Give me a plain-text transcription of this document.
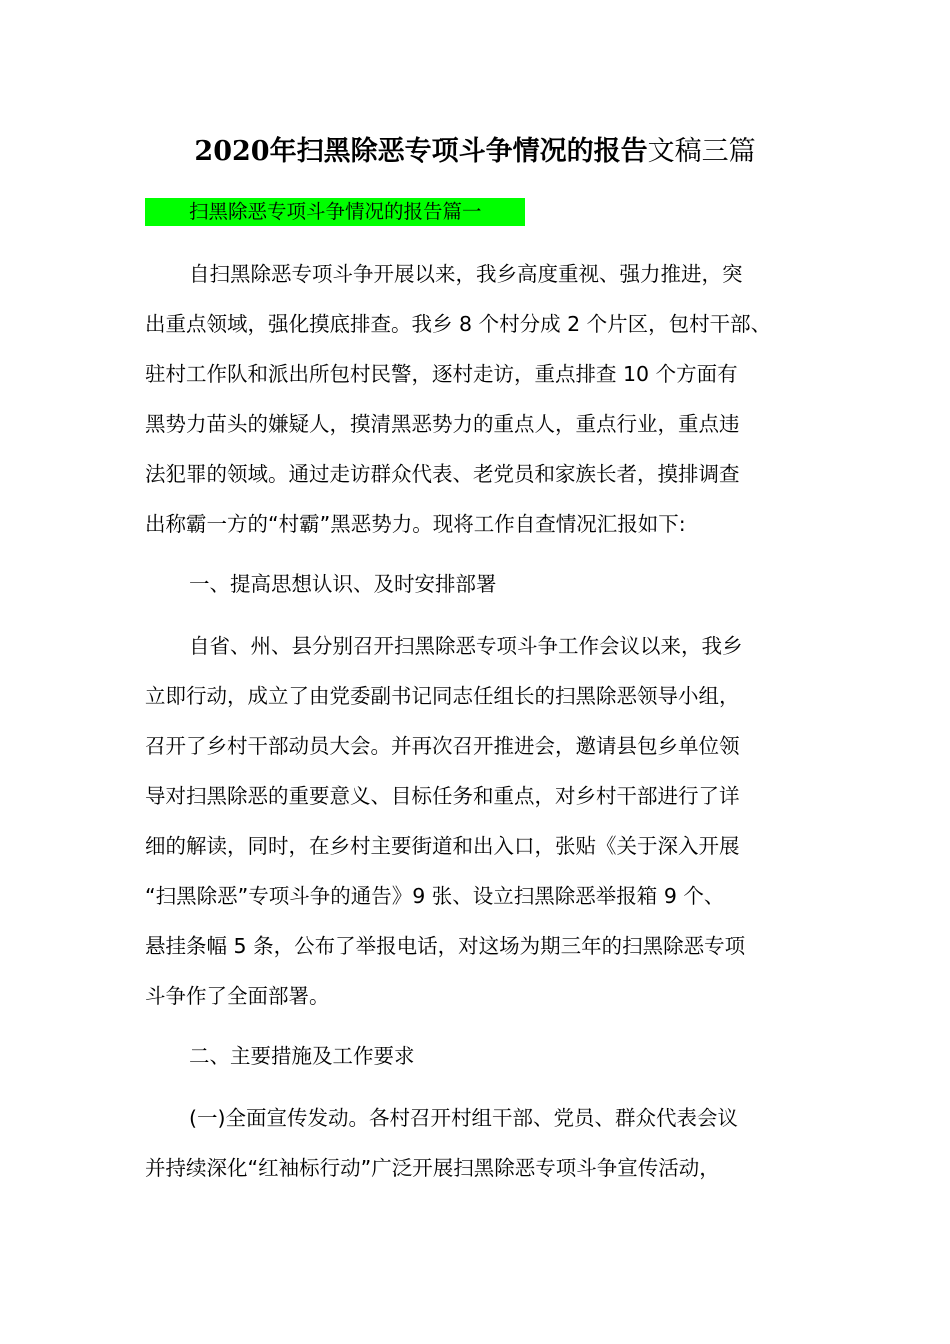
2020年扫黑除恶专项斗争情况的报告文稿三篇
扫黑除恶专项斗争情况的报告篇一
自扫黑除恶专项斗争开展以来，我乡高度重视、强力推进，突
出重点领域，强化摸底排查。我乡 8 个村分成 2 个片区，包村干部、
驻村工作队和派出所包村民警，逐村走访，重点排查 10 个方面有
黑势力苗头的嫌疑人，摸清黑恶势力的重点人，重点行业，重点违
法犯罪的领域。通过走访群众代表、老党员和家族长者，摸排调查
出称霸一方的“村霸”黑恶势力。现将工作自查情况汇报如下:
一、提高思想认识、及时安排部署
自省、州、县分别召开扫黑除恶专项斗争工作会议以来，我乡
立即行动，成立了由党委副书记同志任组长的扫黑除恶领导小组，
召开了乡村干部动员大会。并再次召开推进会，邀请县包乡单位领
导对扫黑除恶的重要意义、目标任务和重点，对乡村干部进行了详
细的解读，同时，在乡村主要街道和出入口，张贴《关于深入开展
“扫黑除恶”专项斗争的通告》9 张、设立扫黑除恶举报箱 9 个、
悬挂条幅 5 条，公布了举报电话，对这场为期三年的扫黑除恶专项
斗争作了全面部署。
二、主要措施及工作要求
(一)全面宣传发动。各村召开村组干部、党员、群众代表会议
并持续深化“红袖标行动”广泛开展扫黑除恶专项斗争宣传活动，
